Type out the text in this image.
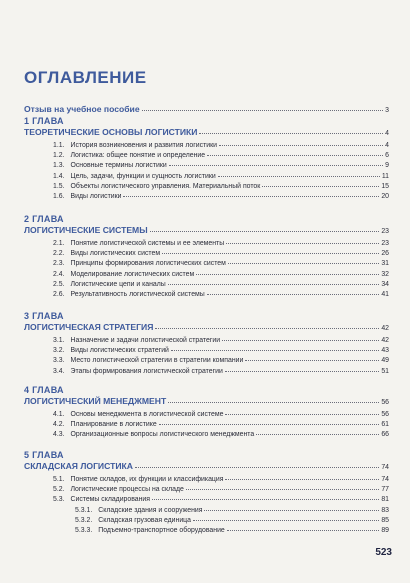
ОГЛАВЛЕНИЕ
Отзыв на учебное пособие	3
1 ГЛАВА
ТЕОРЕТИЧЕСКИЕ ОСНОВЫ ЛОГИСТИКИ	4
1.1. История возникновения и развития логистики	4
1.2. Логистика: общее понятие и определение	6
1.3. Основные термины логистики	9
1.4. Цель, задачи, функции и сущность логистики	11
1.5. Объекты логистического управления. Материальный поток	15
1.6. Виды логистики	20
2 ГЛАВА
ЛОГИСТИЧЕСКИЕ СИСТЕМЫ	23
2.1. Понятие логистической системы и ее элементы	23
2.2. Виды логистических систем	26
2.3. Принципы формирования логистических систем	31
2.4. Моделирование логистических систем	32
2.5. Логистические цепи и каналы	34
2.6. Результативность логистической системы	41
3 ГЛАВА
ЛОГИСТИЧЕСКАЯ СТРАТЕГИЯ	42
3.1. Назначение и задачи логистической стратегии	42
3.2. Виды логистических стратегий	43
3.3. Место логистической стратегии в стратегии компании	49
3.4. Этапы формирования логистической стратегии	51
4 ГЛАВА
ЛОГИСТИЧЕСКИЙ МЕНЕДЖМЕНТ	56
4.1. Основы менеджмента в логистической системе	56
4.2. Планирование в логистике	61
4.3. Организационные вопросы логистического менеджмента	66
5 ГЛАВА
СКЛАДСКАЯ ЛОГИСТИКА	74
5.1. Понятие складов, их функции и классификация	74
5.2. Логистические процессы на складе	77
5.3. Системы складирования	81
5.3.1. Складские здания и сооружения	83
5.3.2. Складская грузовая единица	85
5.3.3. Подъемно-транспортное оборудование	89
523
